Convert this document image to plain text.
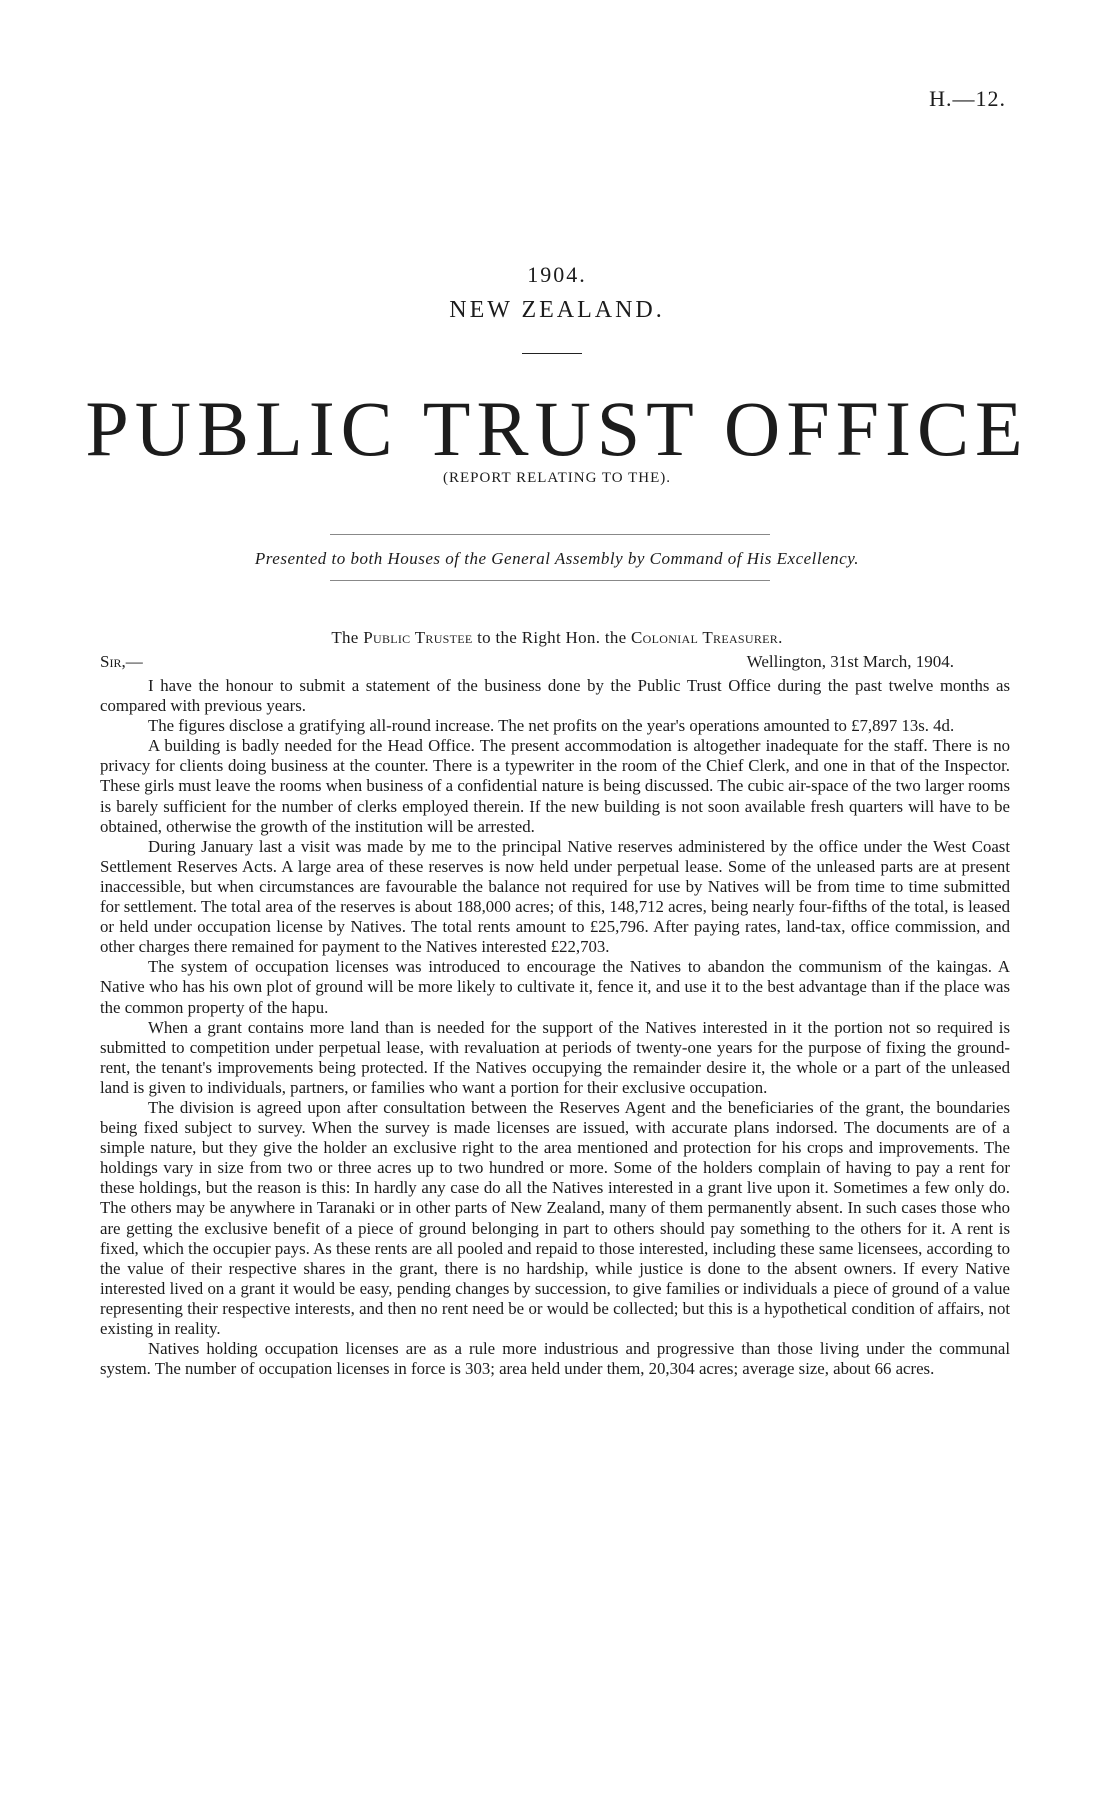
H.—12.
1904.
NEW ZEALAND.
PUBLIC TRUST OFFICE
(REPORT RELATING TO THE).
Presented to both Houses of the General Assembly by Command of His Excellency.
The Public Trustee to the Right Hon. the Colonial Treasurer.
Sir,—	Wellington, 31st March, 1904.

I have the honour to submit a statement of the business done by the Public Trust Office during the past twelve months as compared with previous years.

The figures disclose a gratifying all-round increase. The net profits on the year's operations amounted to £7,897 13s. 4d.

A building is badly needed for the Head Office. The present accommodation is altogether inadequate for the staff. There is no privacy for clients doing business at the counter. There is a typewriter in the room of the Chief Clerk, and one in that of the Inspector. These girls must leave the rooms when business of a confidential nature is being discussed. The cubic air-space of the two larger rooms is barely sufficient for the number of clerks employed therein. If the new building is not soon available fresh quarters will have to be obtained, otherwise the growth of the institution will be arrested.

During January last a visit was made by me to the principal Native reserves administered by the office under the West Coast Settlement Reserves Acts. A large area of these reserves is now held under perpetual lease. Some of the unleased parts are at present inaccessible, but when circumstances are favourable the balance not required for use by Natives will be from time to time submitted for settlement. The total area of the reserves is about 188,000 acres; of this, 148,712 acres, being nearly four-fifths of the total, is leased or held under occupation license by Natives. The total rents amount to £25,796. After paying rates, land-tax, office commission, and other charges there remained for payment to the Natives interested £22,703.

The system of occupation licenses was introduced to encourage the Natives to abandon the communism of the kaingas. A Native who has his own plot of ground will be more likely to cultivate it, fence it, and use it to the best advantage than if the place was the common property of the hapu.

When a grant contains more land than is needed for the support of the Natives interested in it the portion not so required is submitted to competition under perpetual lease, with revaluation at periods of twenty-one years for the purpose of fixing the ground-rent, the tenant's improvements being protected. If the Natives occupying the remainder desire it, the whole or a part of the unleased land is given to individuals, partners, or families who want a portion for their exclusive occupation.

The division is agreed upon after consultation between the Reserves Agent and the beneficiaries of the grant, the boundaries being fixed subject to survey. When the survey is made licenses are issued, with accurate plans indorsed. The documents are of a simple nature, but they give the holder an exclusive right to the area mentioned and protection for his crops and improvements. The holdings vary in size from two or three acres up to two hundred or more. Some of the holders complain of having to pay a rent for these holdings, but the reason is this: In hardly any case do all the Natives interested in a grant live upon it. Sometimes a few only do. The others may be anywhere in Taranaki or in other parts of New Zealand, many of them permanently absent. In such cases those who are getting the exclusive benefit of a piece of ground belonging in part to others should pay something to the others for it. A rent is fixed, which the occupier pays. As these rents are all pooled and repaid to those interested, including these same licensees, according to the value of their respective shares in the grant, there is no hardship, while justice is done to the absent owners. If every Native interested lived on a grant it would be easy, pending changes by succession, to give families or individuals a piece of ground of a value representing their respective interests, and then no rent need be or would be collected; but this is a hypothetical condition of affairs, not existing in reality.

Natives holding occupation licenses are as a rule more industrious and progressive than those living under the communal system. The number of occupation licenses in force is 303; area held under them, 20,304 acres; average size, about 66 acres.
